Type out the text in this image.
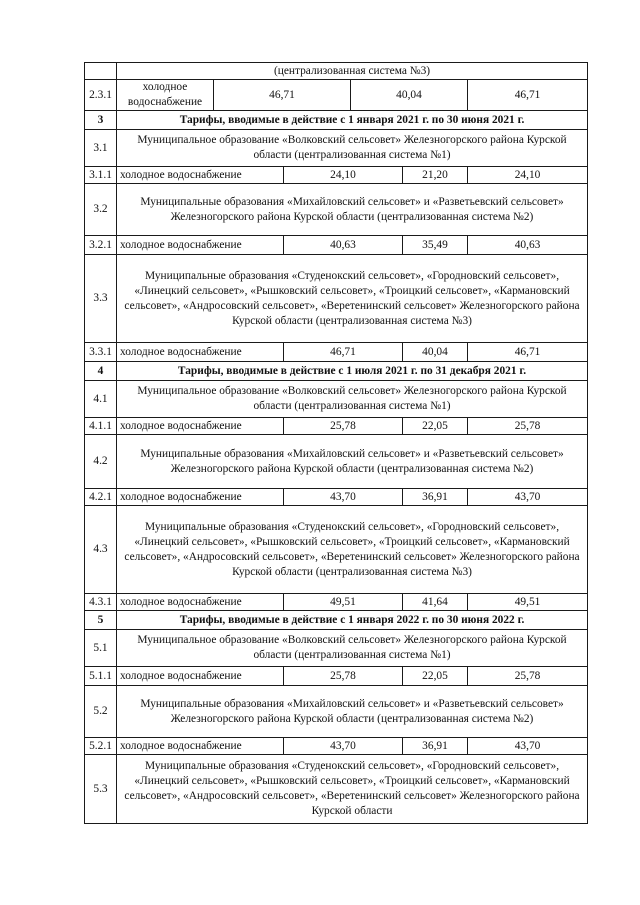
	(централизованная система №3)					
2.3.1	холодное водоснабжение	46,71		40,04		46,71
3	Тарифы, вводимые в действие с 1 января 2021 г. по 30 июня 2021 г.					
3.1	Муниципальное образование «Волковский сельсовет» Железногорского района Курской области (централизованная система №1)					
3.1.1	холодное водоснабжение		24,10		21,20	24,10
3.2	Муниципальные образования «Михайловский сельсовет» и «Разветьевский сельсовет» Железногорского района Курской области (централизованная система №2)					
3.2.1	холодное водоснабжение		40,63		35,49	40,63
3.3	Муниципальные образования «Студенокский сельсовет», «Городновский сельсовет», «Линецкий сельсовет», «Рышковский сельсовет», «Троицкий сельсовет», «Кармановский сельсовет», «Андросовский сельсовет», «Веретенинский сельсовет» Железногорского района Курской области (централизованная система №3)					
3.3.1	холодное водоснабжение		46,71		40,04	46,71
4	Тарифы, вводимые в действие с 1 июля 2021 г. по 31 декабря 2021 г.					
4.1	Муниципальное образование «Волковский сельсовет» Железногорского района Курской области (централизованная система №1)					
4.1.1	холодное водоснабжение		25,78		22,05	25,78
4.2	Муниципальные образования «Михайловский сельсовет» и «Разветьевский сельсовет» Железногорского района Курской области (централизованная система №2)					
4.2.1	холодное водоснабжение		43,70		36,91	43,70
4.3	Муниципальные образования «Студенокский сельсовет», «Городновский сельсовет», «Линецкий сельсовет», «Рышковский сельсовет», «Троицкий сельсовет», «Кармановский сельсовет», «Андросовский сельсовет», «Веретенинский сельсовет» Железногорского района Курской области (централизованная система №3)					
4.3.1	холодное водоснабжение		49,51		41,64	49,51
5	Тарифы, вводимые в действие с 1 января 2022 г. по 30 июня 2022 г.					
5.1	Муниципальное образование «Волковский сельсовет» Железногорского района Курской области (централизованная система №1)					
5.1.1	холодное водоснабжение		25,78		22,05	25,78
5.2	Муниципальные образования «Михайловский сельсовет» и «Разветьевский сельсовет» Железногорского района Курской области (централизованная система №2)					
5.2.1	холодное водоснабжение		43,70		36,91	43,70
5.3	Муниципальные образования «Студенокский сельсовет», «Городновский сельсовет», «Линецкий сельсовет», «Рышковский сельсовет», «Троицкий сельсовет», «Кармановский сельсовет», «Андросовский сельсовет», «Веретенинский сельсовет» Железногорского района Курской области					
